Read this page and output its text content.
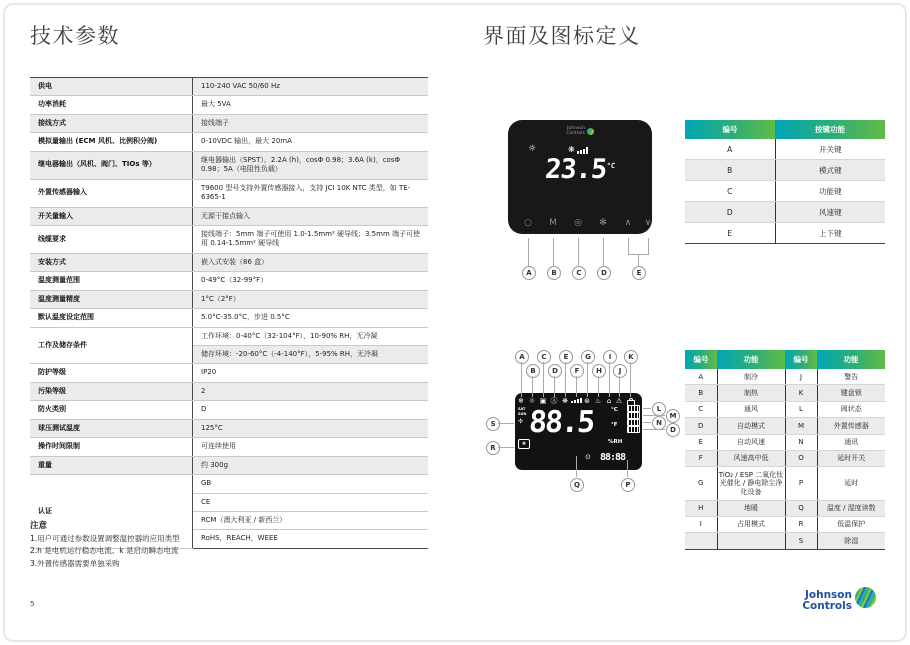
技术参数
供电	110-240 VAC 50/60 Hz
功率消耗	最大 5VA
接线方式	接线端子
模拟量输出 (ECM 风机、比例积分阀)	0-10VDC 输出，最大 20mA
继电器输出（风机、阀门、TIOs 等）	继电器输出（SPST），2.2A (h)，cosΦ 0.98；3.6A (k)，cosΦ 0.98；5A（电阻性负载）
外置传感器输入	T9600 型号支持外置传感器接入，支持 JCI 10K NTC 类型，如 TE-6365-1
开关量输入	无源干接点输入
线缆要求	接线端子：5mm 端子可使用 1.0-1.5mm² 硬导线；3.5mm 端子可使用 0.14-1.5mm² 硬导线
安装方式	嵌入式安装（86 盒）
温度测量范围	0-49°C（32-99°F）
温度测量精度	1°C（2°F）
默认温度设定范围	5.0°C-35.0°C，步进 0.5°C
工作及储存条件	工作环境：0-40°C（32-104°F），10-90% RH，无冷凝
	储存环境：-20-60°C（-4-140°F），5-95% RH，无冷凝
防护等级	IP20
污染等级	2
防火类别	D
球压测试温度	125°C
操作时间限制	可连续使用
重量	约 300g
认证	GB
	CE
	RCM（澳大利亚 / 新西兰）
	RoHS，REACH，WEEE
注意
1.用户可通过参数设置调整温控器的应用类型
2.h 是电机运行稳态电流、k 是启动瞬态电流
3.外置传感器需要单独采购
5
界面及图标定义
Johnson
Controls
☼	❋
$23.5^{^\circ C}$
○	M	◎	✻	∧	∨
编号	按键功能
A	开关键
B	模式键
C	功能键
D	风速键
E	上下键
SAT
SUN
✣
❅
88.5	°C
°F
%RH
⊙ 88:88
❄ ☼ ▣ Ⓐ ❋ ⊛ ♨ ⌂ ⚠
编号	功能	编号	功能
A	制冷	J	警告
B	制热	K	键盘锁
C	通风	L	阀状态
D	自动模式	M	外置传感器
E	自动风速	N	通讯
F	风速高中低	O	延时开关
G	TiO₂ / ESP 二氧化钛光催化 / 静电除尘净化设备	P	延时
H	地暖	Q	温度 / 湿度读数
I	占用模式	R	低温保护
		S	除湿
Johnson
Controls
A	B	C	D	E
A	C	E	G	I	K
B	D	F	H	J
S
R
L
M
N
D
Q	P
